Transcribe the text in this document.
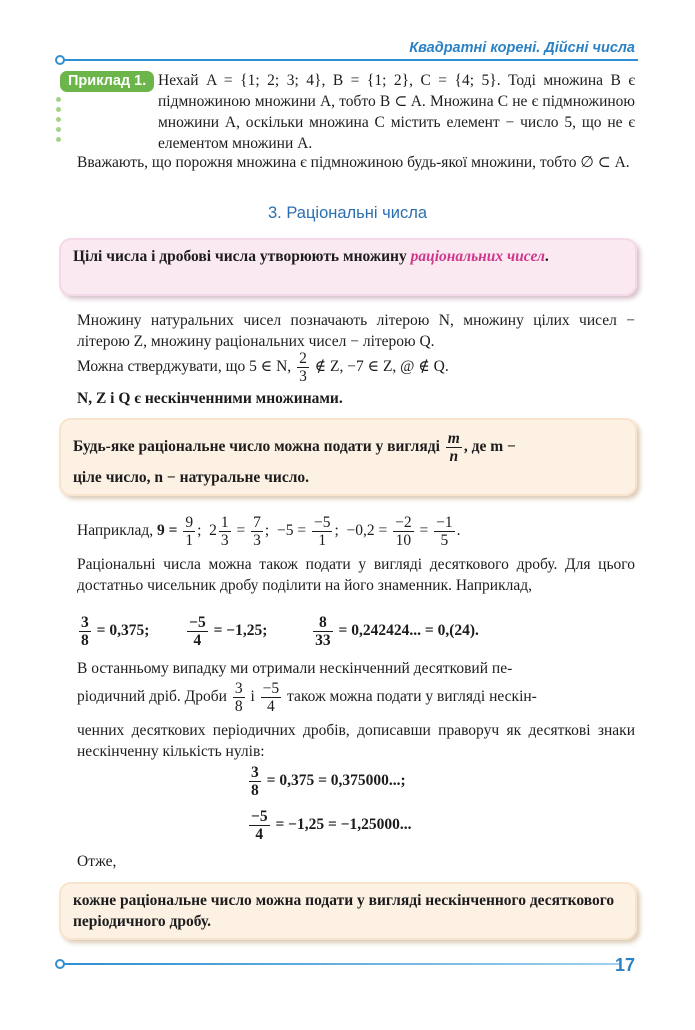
Квадратні корені. Дійсні числа
Приклад 1. Нехай A = {1; 2; 3; 4}, B = {1; 2}, C = {4; 5}. Тоді множина B є підмножиною множини A, тобто B ⊂ A. Множина C не є підмножиною множини A, оскільки множина C містить елемент − число 5, що не є елементом множини A.
Вважають, що порожня множина є підмножиною будь-якої множини, тобто ∅ ⊂ A.
3. Раціональні числа
Цілі числа і дробові числа утворюють множину раціональних чисел.
Множину натуральних чисел позначають літерою N, множину цілих чисел − літерою Z, множину раціональних чисел − літерою Q.
Можна стверджувати, що 5 ∈ N, $\frac{2}{3}$ ∉ Z, −7 ∈ Z, @ ∉ Q.
N, Z і Q є нескінченними множинами.
Будь-яке раціональне число можна подати у вигляді $\frac{m}{n}$ , де m −
ціле число, n − натуральне число.
Наприклад, $9 = \frac{9}{1}$ ; $2 \frac{1}{3} = \frac{7}{3}$ ; $-5 = \frac{-5}{1}$ ; $-0,2 = \frac{-2}{10} = \frac{-1}{5}$ .
Раціональні числа можна також подати у вигляді десяткового дробу. Для цього достатньо чисельник дробу поділити на його знаменник. Наприклад,
$\frac{3}{8} = 0,375$; $\frac{-5}{4} = -1,25$;	$\frac{8}{33} = 0,242424$... = 0,(24).
В останньому випадку ми отримали нескінченний десятковий пе-
ріодичний дріб. Дроби $\frac{3}{8}$ і $\frac{-5}{4}$ також можна подати у вигляді нескін-
ченних десяткових періодичних дробів, дописавши праворуч як десяткові знаки нескінченну кількість нулів:
$\frac{3}{8} = 0,375 = 0,375000$...;
$\frac{-5}{4} = -1,25 = -1,25000$...
Отже,
кожне раціональне число можна подати у вигляді нескінченного десяткового періодичного дробу.
17
